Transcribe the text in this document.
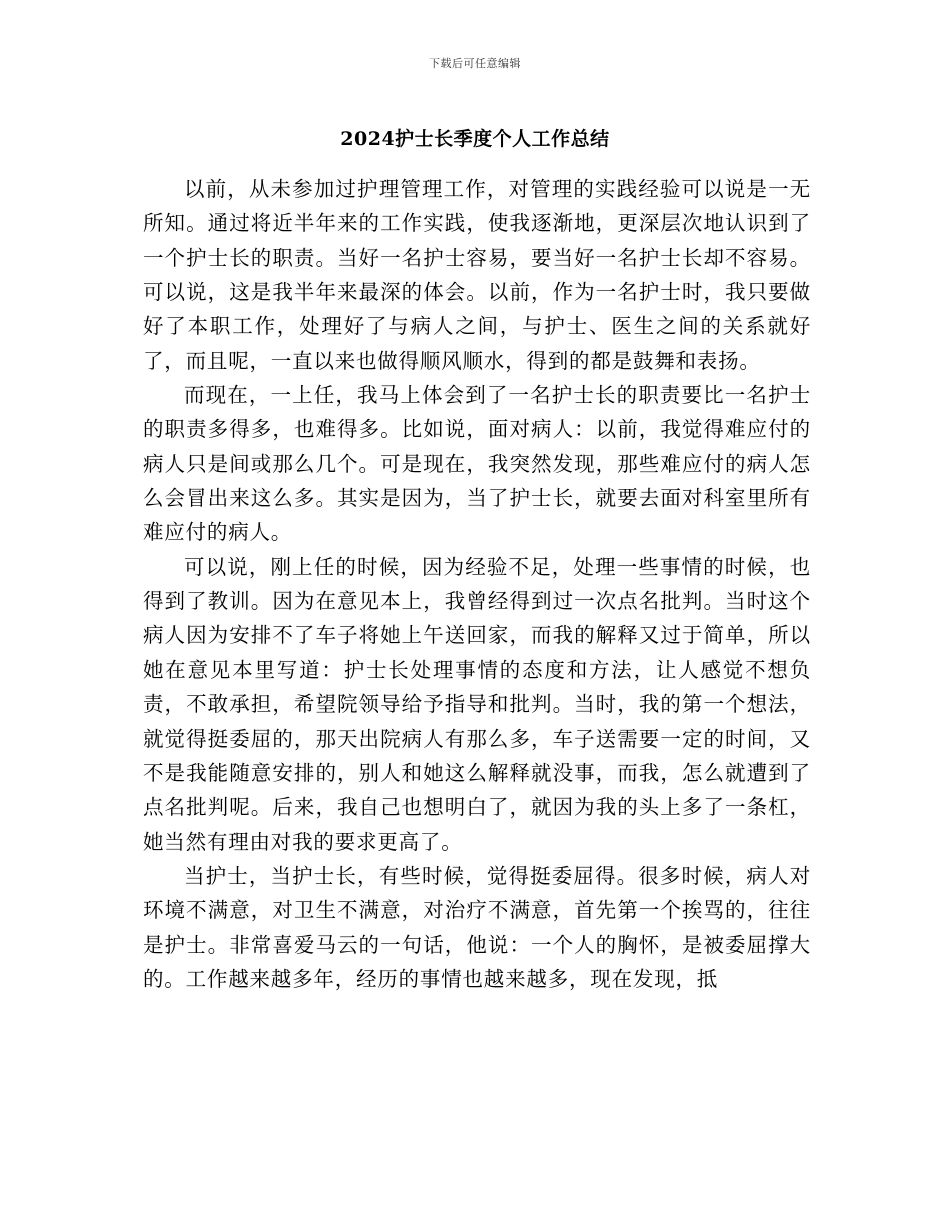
下载后可任意编辑
2024护士长季度个人工作总结

以前，从未参加过护理管理工作，对管理的实践经验可以说是一无所知。通过将近半年来的工作实践，使我逐渐地，更深层次地认识到了一个护士长的职责。当好一名护士容易，要当好一名护士长却不容易。可以说，这是我半年来最深的体会。以前，作为一名护士时，我只要做好了本职工作，处理好了与病人之间，与护士、医生之间的关系就好了，而且呢，一直以来也做得顺风顺水，得到的都是鼓舞和表扬。

而现在，一上任，我马上体会到了一名护士长的职责要比一名护士的职责多得多，也难得多。比如说，面对病人：以前，我觉得难应付的病人只是间或那么几个。可是现在，我突然发现，那些难应付的病人怎么会冒出来这么多。其实是因为，当了护士长，就要去面对科室里所有难应付的病人。

可以说，刚上任的时候，因为经验不足，处理一些事情的时候，也得到了教训。因为在意见本上，我曾经得到过一次点名批判。当时这个病人因为安排不了车子将她上午送回家，而我的解释又过于简单，所以她在意见本里写道：护士长处理事情的态度和方法，让人感觉不想负责，不敢承担，希望院领导给予指导和批判。当时，我的第一个想法，就觉得挺委屈的，那天出院病人有那么多，车子送需要一定的时间，又不是我能随意安排的，别人和她这么解释就没事，而我，怎么就遭到了点名批判呢。后来，我自己也想明白了，就因为我的头上多了一条杠，她当然有理由对我的要求更高了。

当护士，当护士长，有些时候，觉得挺委屈得。很多时候，病人对环境不满意，对卫生不满意，对治疗不满意，首先第一个挨骂的，往往是护士。非常喜爱马云的一句话，他说：一个人的胸怀，是被委屈撑大的。工作越来越多年，经历的事情也越来越多，现在发现，抵
